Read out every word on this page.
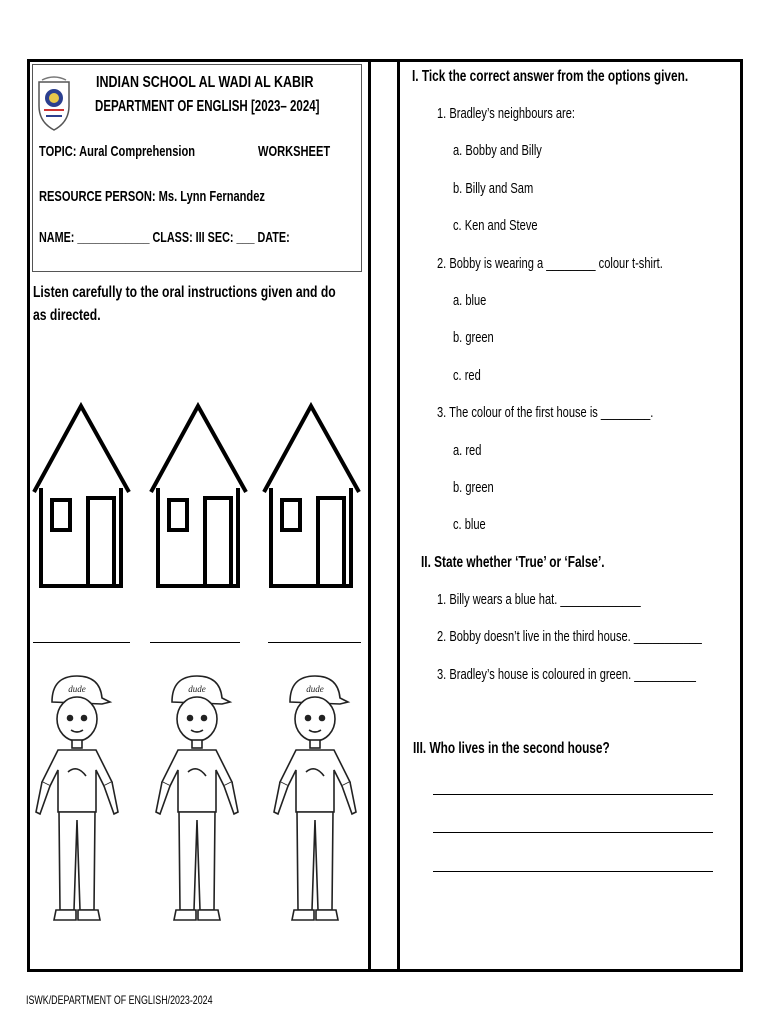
INDIAN SCHOOL AL WADI AL KABIR
DEPARTMENT OF ENGLISH [2023– 2024]
TOPIC: Aural Comprehension	WORKSHEET
RESOURCE PERSON: Ms. Lynn Fernandez
NAME: ____________ CLASS: III SEC: ___ DATE:
Listen carefully to the oral instructions given and do as directed.
I. Tick the correct answer from the options given.
1. Bradley’s neighbours are:
a. Bobby and Billy
b. Billy and Sam
c. Ken and Steve
2. Bobby is wearing a ________ colour t-shirt.
a. blue
b. green
c. red
3. The colour of the first house is ________.
a. red
b. green
c. blue
II. State whether ‘True’ or ‘False’.
1. Billy wears a blue hat. _____________
2. Bobby doesn’t live in the third house. ___________
3. Bradley’s house is coloured in green. __________
III. Who lives in the second house?
ISWK/DEPARTMENT OF ENGLISH/2023-2024
